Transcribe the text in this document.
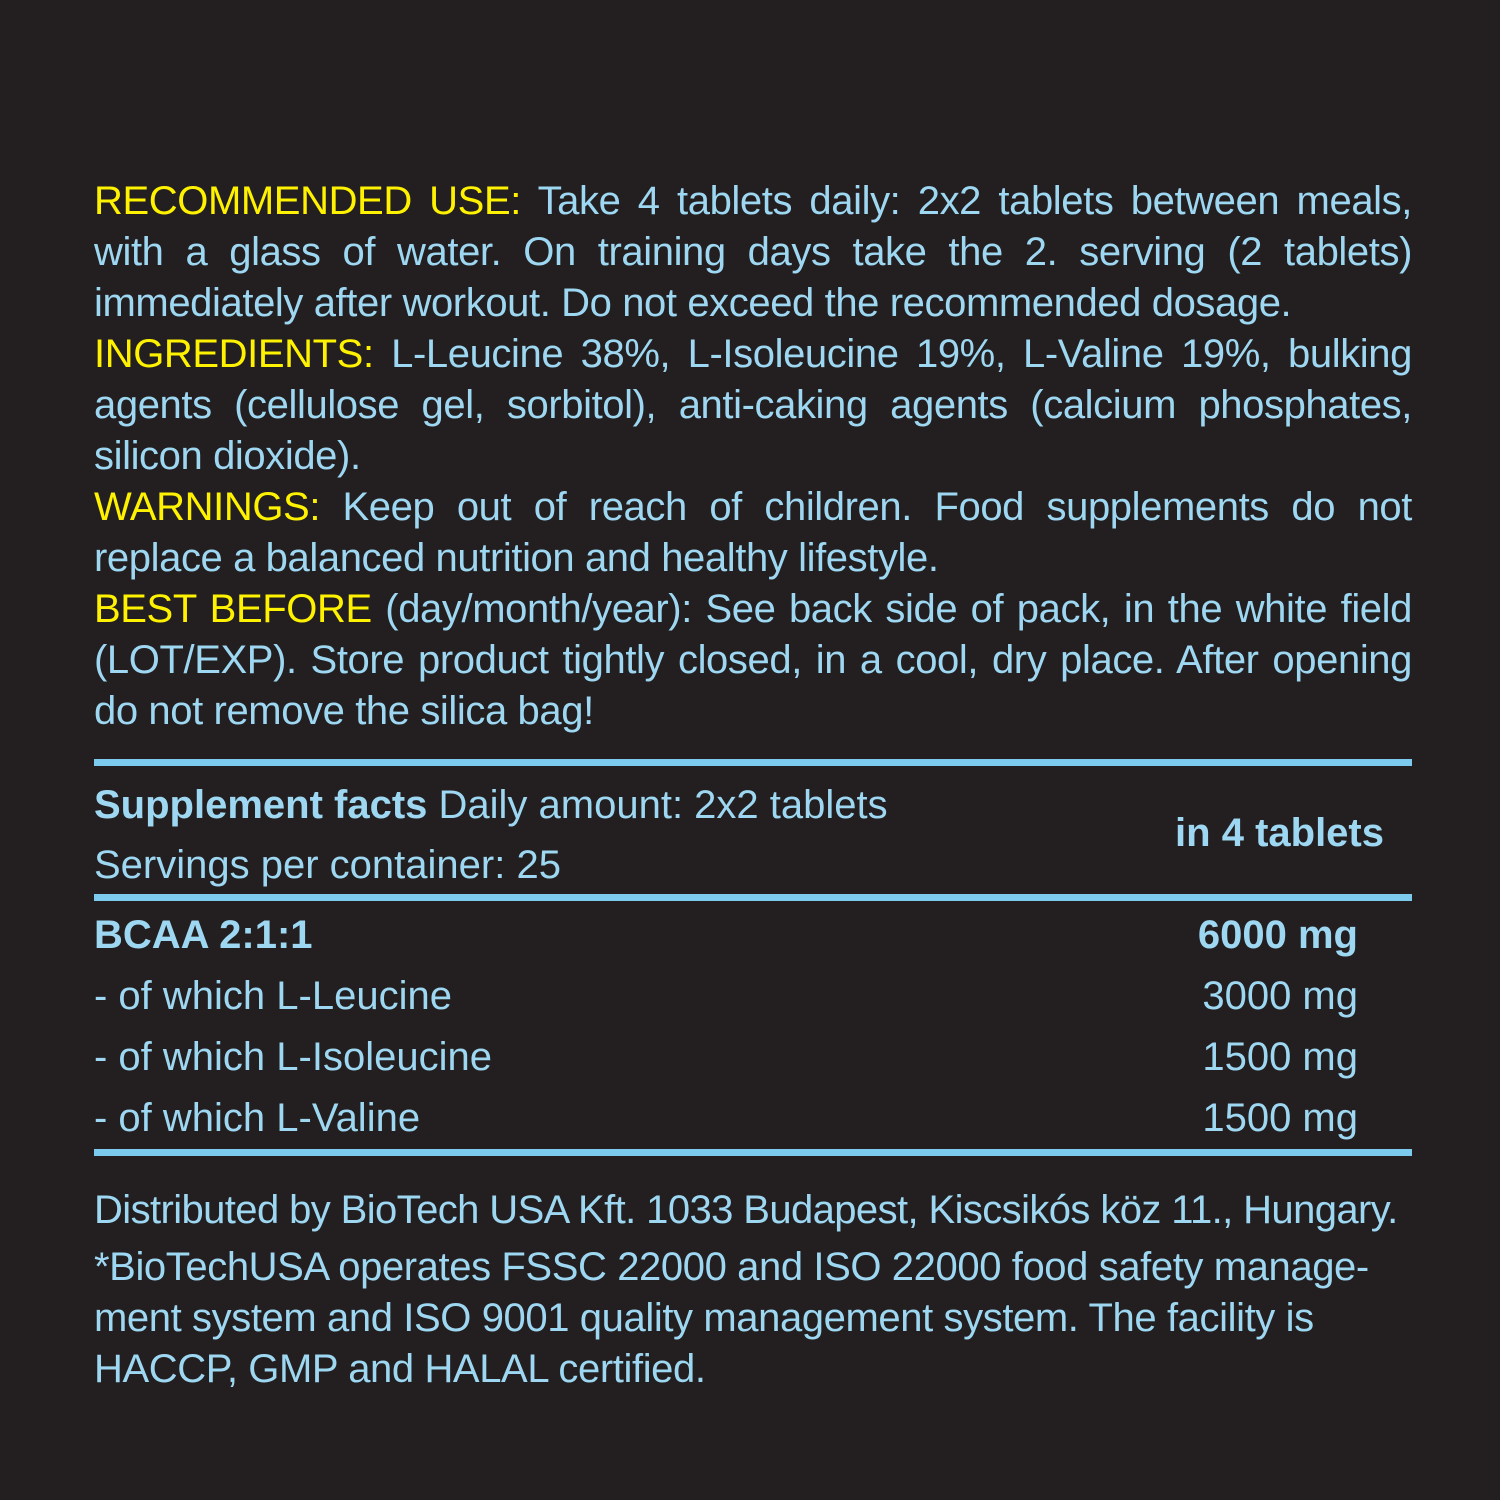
RECOMMENDED USE: Take 4 tablets daily: 2x2 tablets between meals, with a glass of water. On training days take the 2. serving (2 tablets) immediately after workout. Do not exceed the recommended dosage.

INGREDIENTS: L-Leucine 38%, L-Isoleucine 19%, L-Valine 19%, bulking agents (cellulose gel, sorbitol), anti-caking agents (calcium phosphates, silicon dioxide).

WARNINGS: Keep out of reach of children. Food supplements do not replace a balanced nutrition and healthy lifestyle.

BEST BEFORE (day/month/year): See back side of pack, in the white field (LOT/EXP). Store product tightly closed, in a cool, dry place. After opening do not remove the silica bag!

Supplement facts Daily amount: 2x2 tablets
Servings per container: 25
in 4 tablets
BCAA 2:1:1	6000 mg
- of which L-Leucine	3000 mg
- of which L-Isoleucine	1500 mg
- of which L-Valine	1500 mg

Distributed by BioTech USA Kft. 1033 Budapest, Kiscsikós köz 11., Hungary.

*BioTechUSA operates FSSC 22000 and ISO 22000 food safety manage-ment system and ISO 9001 quality management system. The facility is HACCP, GMP and HALAL certified.
